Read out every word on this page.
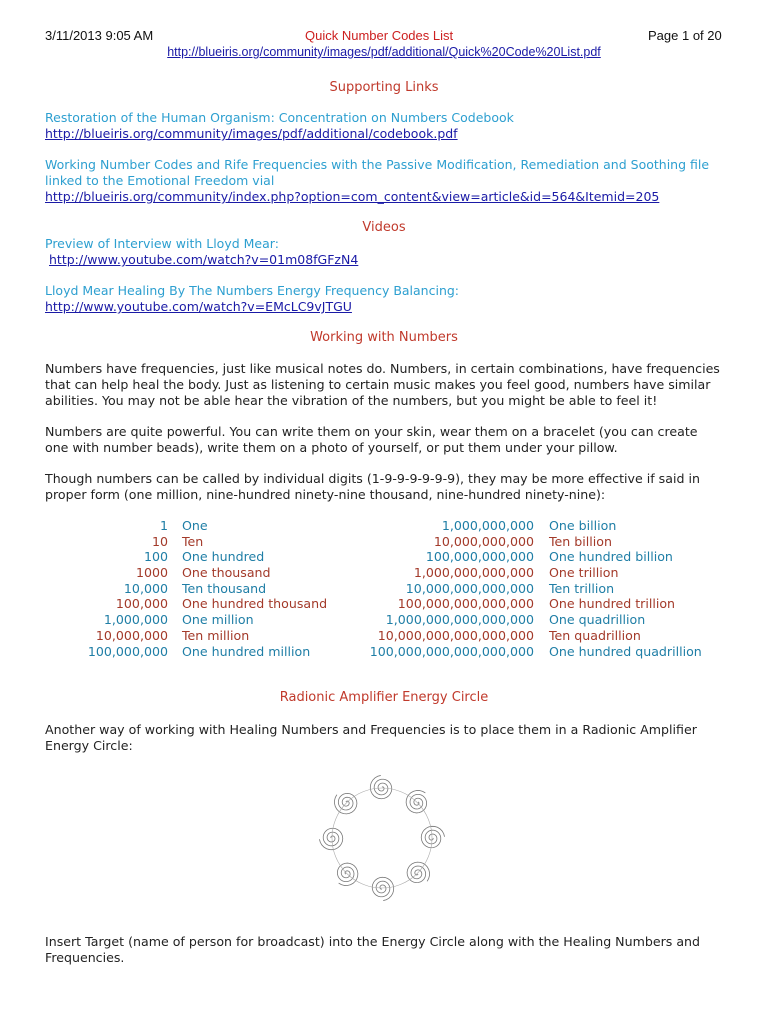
3/11/2013 9:05 AM	Quick Number Codes List	Page 1 of 20
http://blueiris.org/community/images/pdf/additional/Quick%20Code%20List.pdf
Supporting Links
Restoration of the Human Organism: Concentration on Numbers Codebook
http://blueiris.org/community/images/pdf/additional/codebook.pdf
Working Number Codes and Rife Frequencies with the Passive Modification, Remediation and Soothing file
linked to the Emotional Freedom vial
http://blueiris.org/community/index.php?option=com_content&view=article&id=564&Itemid=205
Videos
Preview of Interview with Lloyd Mear:
http://www.youtube.com/watch?v=01m08fGFzN4
Lloyd Mear Healing By The Numbers Energy Frequency Balancing:
http://www.youtube.com/watch?v=EMcLC9vJTGU
Working with Numbers
Numbers have frequencies, just like musical notes do. Numbers, in certain combinations, have frequencies
that can help heal the body. Just as listening to certain music makes you feel good, numbers have similar
abilities. You may not be able hear the vibration of the numbers, but you might be able to feel it!
Numbers are quite powerful. You can write them on your skin, wear them on a bracelet (you can create
one with number beads), write them on a photo of yourself, or put them under your pillow.
Though numbers can be called by individual digits (1-9-9-9-9-9-9), they may be more effective if said in
proper form (one million, nine-hundred ninety-nine thousand, nine-hundred ninety-nine):
1 One	1,000,000,000 One billion
10 Ten	10,000,000,000 Ten billion
100 One hundred	100,000,000,000 One hundred billion
1000 One thousand	1,000,000,000,000 One trillion
10,000 Ten thousand	10,000,000,000,000 Ten trillion
100,000 One hundred thousand	100,000,000,000,000 One hundred trillion
1,000,000 One million	1,000,000,000,000,000 One quadrillion
10,000,000 Ten million	10,000,000,000,000,000 Ten quadrillion
100,000,000 One hundred million	100,000,000,000,000,000 One hundred quadrillion
Radionic Amplifier Energy Circle
Another way of working with Healing Numbers and Frequencies is to place them in a Radionic Amplifier
Energy Circle:
Insert Target (name of person for broadcast) into the Energy Circle along with the Healing Numbers and
Frequencies.
